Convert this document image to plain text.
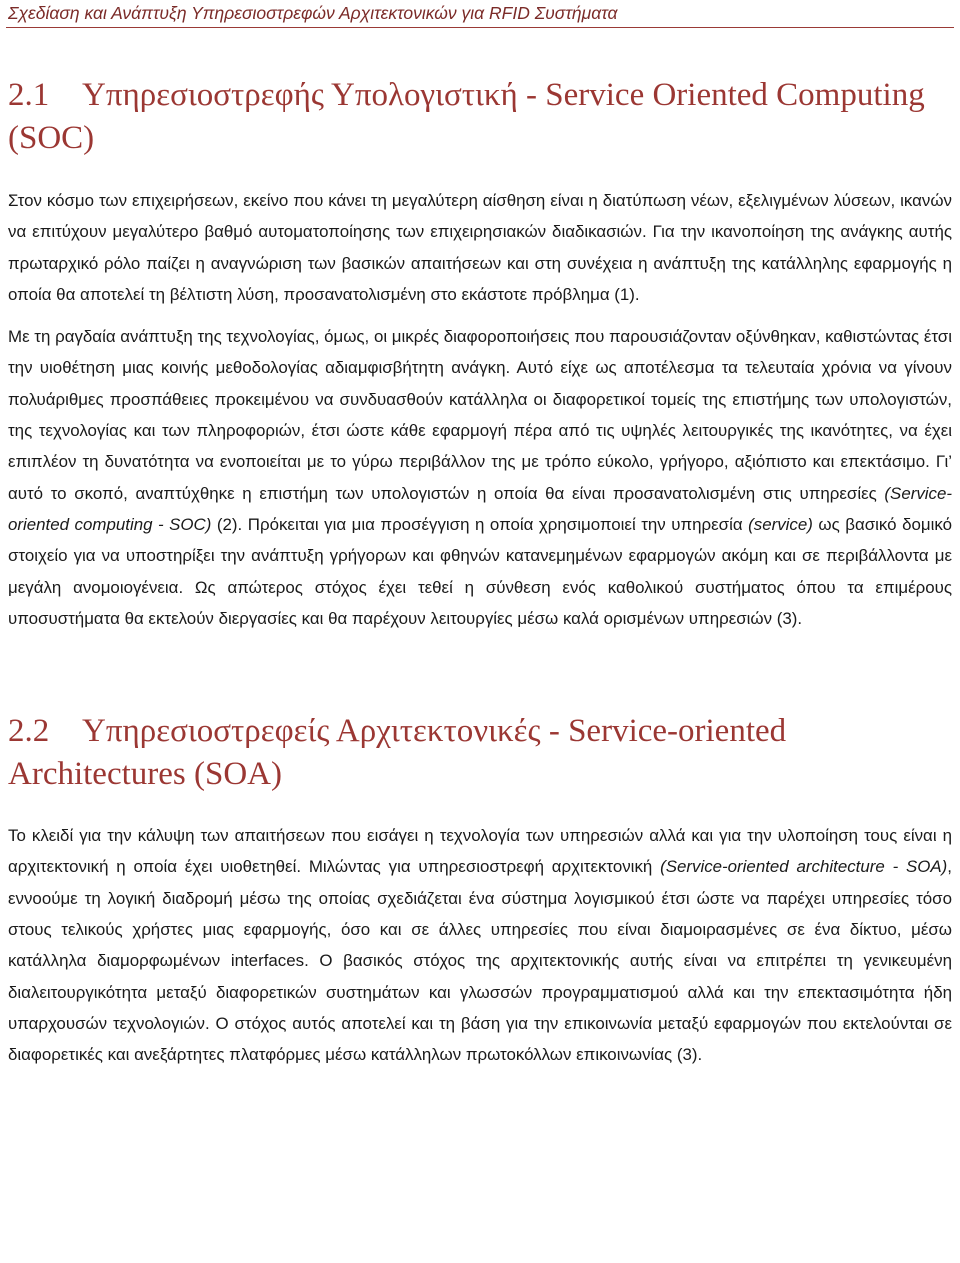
Σχεδίαση και Ανάπτυξη Υπηρεσιοστρεφών Αρχιτεκτονικών για RFID Συστήματα
2.1 Υπηρεσιοστρεφής Υπολογιστική - Service Oriented Computing (SOC)

Στον κόσμο των επιχειρήσεων, εκείνο που κάνει τη μεγαλύτερη αίσθηση είναι η διατύπωση νέων, εξελιγμένων λύσεων, ικανών να επιτύχουν μεγαλύτερο βαθμό αυτοματοποίησης των επιχειρησιακών διαδικασιών. Για την ικανοποίηση της ανάγκης αυτής πρωταρχικό ρόλο παίζει η αναγνώριση των βασικών απαιτήσεων και στη συνέχεια η ανάπτυξη της κατάλληλης εφαρμογής η οποία θα αποτελεί τη βέλτιστη λύση, προσανατολισμένη στο εκάστοτε πρόβλημα (1).

Με τη ραγδαία ανάπτυξη της τεχνολογίας, όμως, οι μικρές διαφοροποιήσεις που παρουσιάζονταν οξύνθηκαν, καθιστώντας έτσι την υιοθέτηση μιας κοινής μεθοδολογίας αδιαμφισβήτητη ανάγκη. Αυτό είχε ως αποτέλεσμα τα τελευταία χρόνια να γίνουν πολυάριθμες προσπάθειες προκειμένου να συνδυασθούν κατάλληλα οι διαφορετικοί τομείς της επιστήμης των υπολογιστών, της τεχνολογίας και των πληροφοριών, έτσι ώστε κάθε εφαρμογή πέρα από τις υψηλές λειτουργικές της ικανότητες, να έχει επιπλέον τη δυνατότητα να ενοποιείται με το γύρω περιβάλλον της με τρόπο εύκολο, γρήγορο, αξιόπιστο και επεκτάσιμο. Γι’ αυτό το σκοπό, αναπτύχθηκε η επιστήμη των υπολογιστών η οποία θα είναι προσανατολισμένη στις υπηρεσίες (Service-oriented computing - SOC) (2). Πρόκειται για μια προσέγγιση η οποία χρησιμοποιεί την υπηρεσία (service) ως βασικό δομικό στοιχείο για να υποστηρίξει την ανάπτυξη γρήγορων και φθηνών κατανεμημένων εφαρμογών ακόμη και σε περιβάλλοντα με μεγάλη ανομοιογένεια. Ως απώτερος στόχος έχει τεθεί η σύνθεση ενός καθολικού συστήματος όπου τα επιμέρους υποσυστήματα θα εκτελούν διεργασίες και θα παρέχουν λειτουργίες μέσω καλά ορισμένων υπηρεσιών (3).

2.2 Υπηρεσιοστρεφείς Αρχιτεκτονικές - Service-oriented Architectures (SOA)

Το κλειδί για την κάλυψη των απαιτήσεων που εισάγει η τεχνολογία των υπηρεσιών αλλά και για την υλοποίηση τους είναι η αρχιτεκτονική η οποία έχει υιοθετηθεί. Μιλώντας για υπηρεσιοστρεφή αρχιτεκτονική (Service-oriented architecture - SOA), εννοούμε τη λογική διαδρομή μέσω της οποίας σχεδιάζεται ένα σύστημα λογισμικού έτσι ώστε να παρέχει υπηρεσίες τόσο στους τελικούς χρήστες μιας εφαρμογής, όσο και σε άλλες υπηρεσίες που είναι διαμοιρασμένες σε ένα δίκτυο, μέσω κατάλληλα διαμορφωμένων interfaces. Ο βασικός στόχος της αρχιτεκτονικής αυτής είναι να επιτρέπει τη γενικευμένη διαλειτουργικότητα μεταξύ διαφορετικών συστημάτων και γλωσσών προγραμματισμού αλλά και την επεκτασιμότητα ήδη υπαρχουσών τεχνολογιών. Ο στόχος αυτός αποτελεί και τη βάση για την επικοινωνία μεταξύ εφαρμογών που εκτελούνται σε διαφορετικές και ανεξάρτητες πλατφόρμες μέσω κατάλληλων πρωτοκόλλων επικοινωνίας (3).
